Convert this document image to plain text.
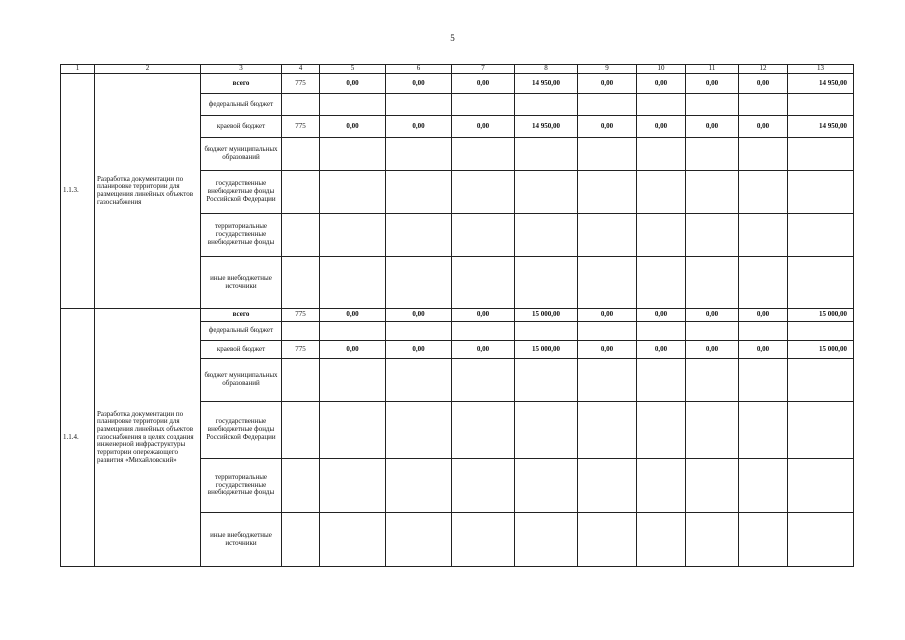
5
1	2	3	4	5	6	7	8	9	10	11	12	13
1.1.3.	Разработка документации по планировке территории для размещения линейных объектов газоснабжения	всего	775	0,00	0,00	0,00	14 950,00	0,00	0,00	0,00	0,00	14 950,00
		федеральный бюджет										
		краевой бюджет	775	0,00	0,00	0,00	14 950,00	0,00	0,00	0,00	0,00	14 950,00
		бюджет муниципальных образований										
		государственные внебюджетные фонды Российской Федерации										
		территориальные государственные внебюджетные фонды										
		иные внебюджетные источники										
1.1.4.	Разработка документации по планировке территории для размещения линейных объектов газоснабжения в целях создания инженерной инфраструктуры территории опережающего развития «Михайловский»	всего	775	0,00	0,00	0,00	15 000,00	0,00	0,00	0,00	0,00	15 000,00
		федеральный бюджет										
		краевой бюджет	775	0,00	0,00	0,00	15 000,00	0,00	0,00	0,00	0,00	15 000,00
		бюджет муниципальных образований										
		государственные внебюджетные фонды Российской Федерации										
		территориальные государственные внебюджетные фонды										
		иные внебюджетные источники										
